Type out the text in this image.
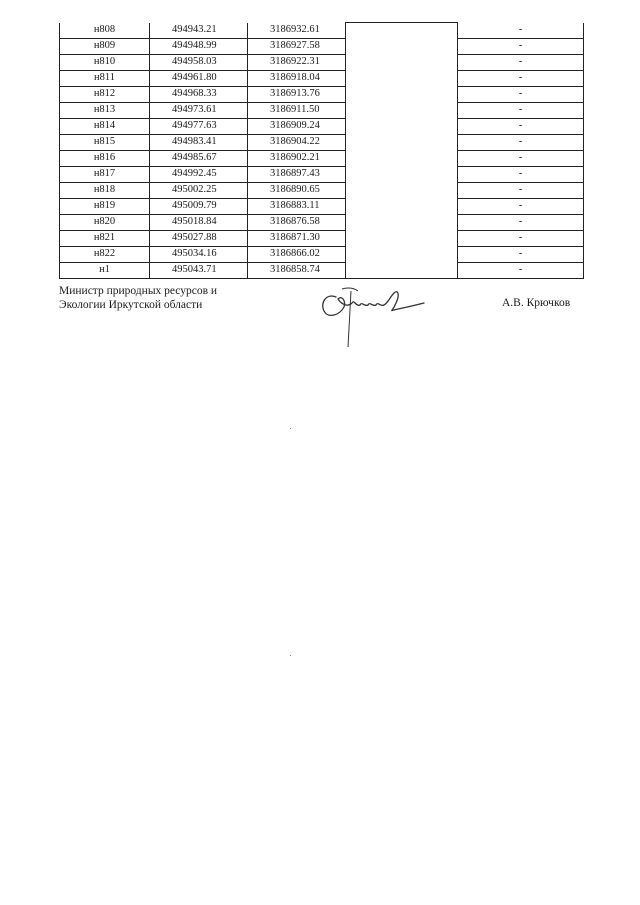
н808	494943.21	3186932.61		-
н809	494948.99	3186927.58		-
н810	494958.03	3186922.31		-
н811	494961.80	3186918.04		-
н812	494968.33	3186913.76		-
н813	494973.61	3186911.50		-
н814	494977.63	3186909.24		-
н815	494983.41	3186904.22		-
н816	494985.67	3186902.21		-
н817	494992.45	3186897.43		-
н818	495002.25	3186890.65		-
н819	495009.79	3186883.11		-
н820	495018.84	3186876.58		-
н821	495027.88	3186871.30		-
н822	495034.16	3186866.02		-
н1	495043.71	3186858.74		-
Министр природных ресурсов и
Экологии Иркутской области	А.В. Крючков
